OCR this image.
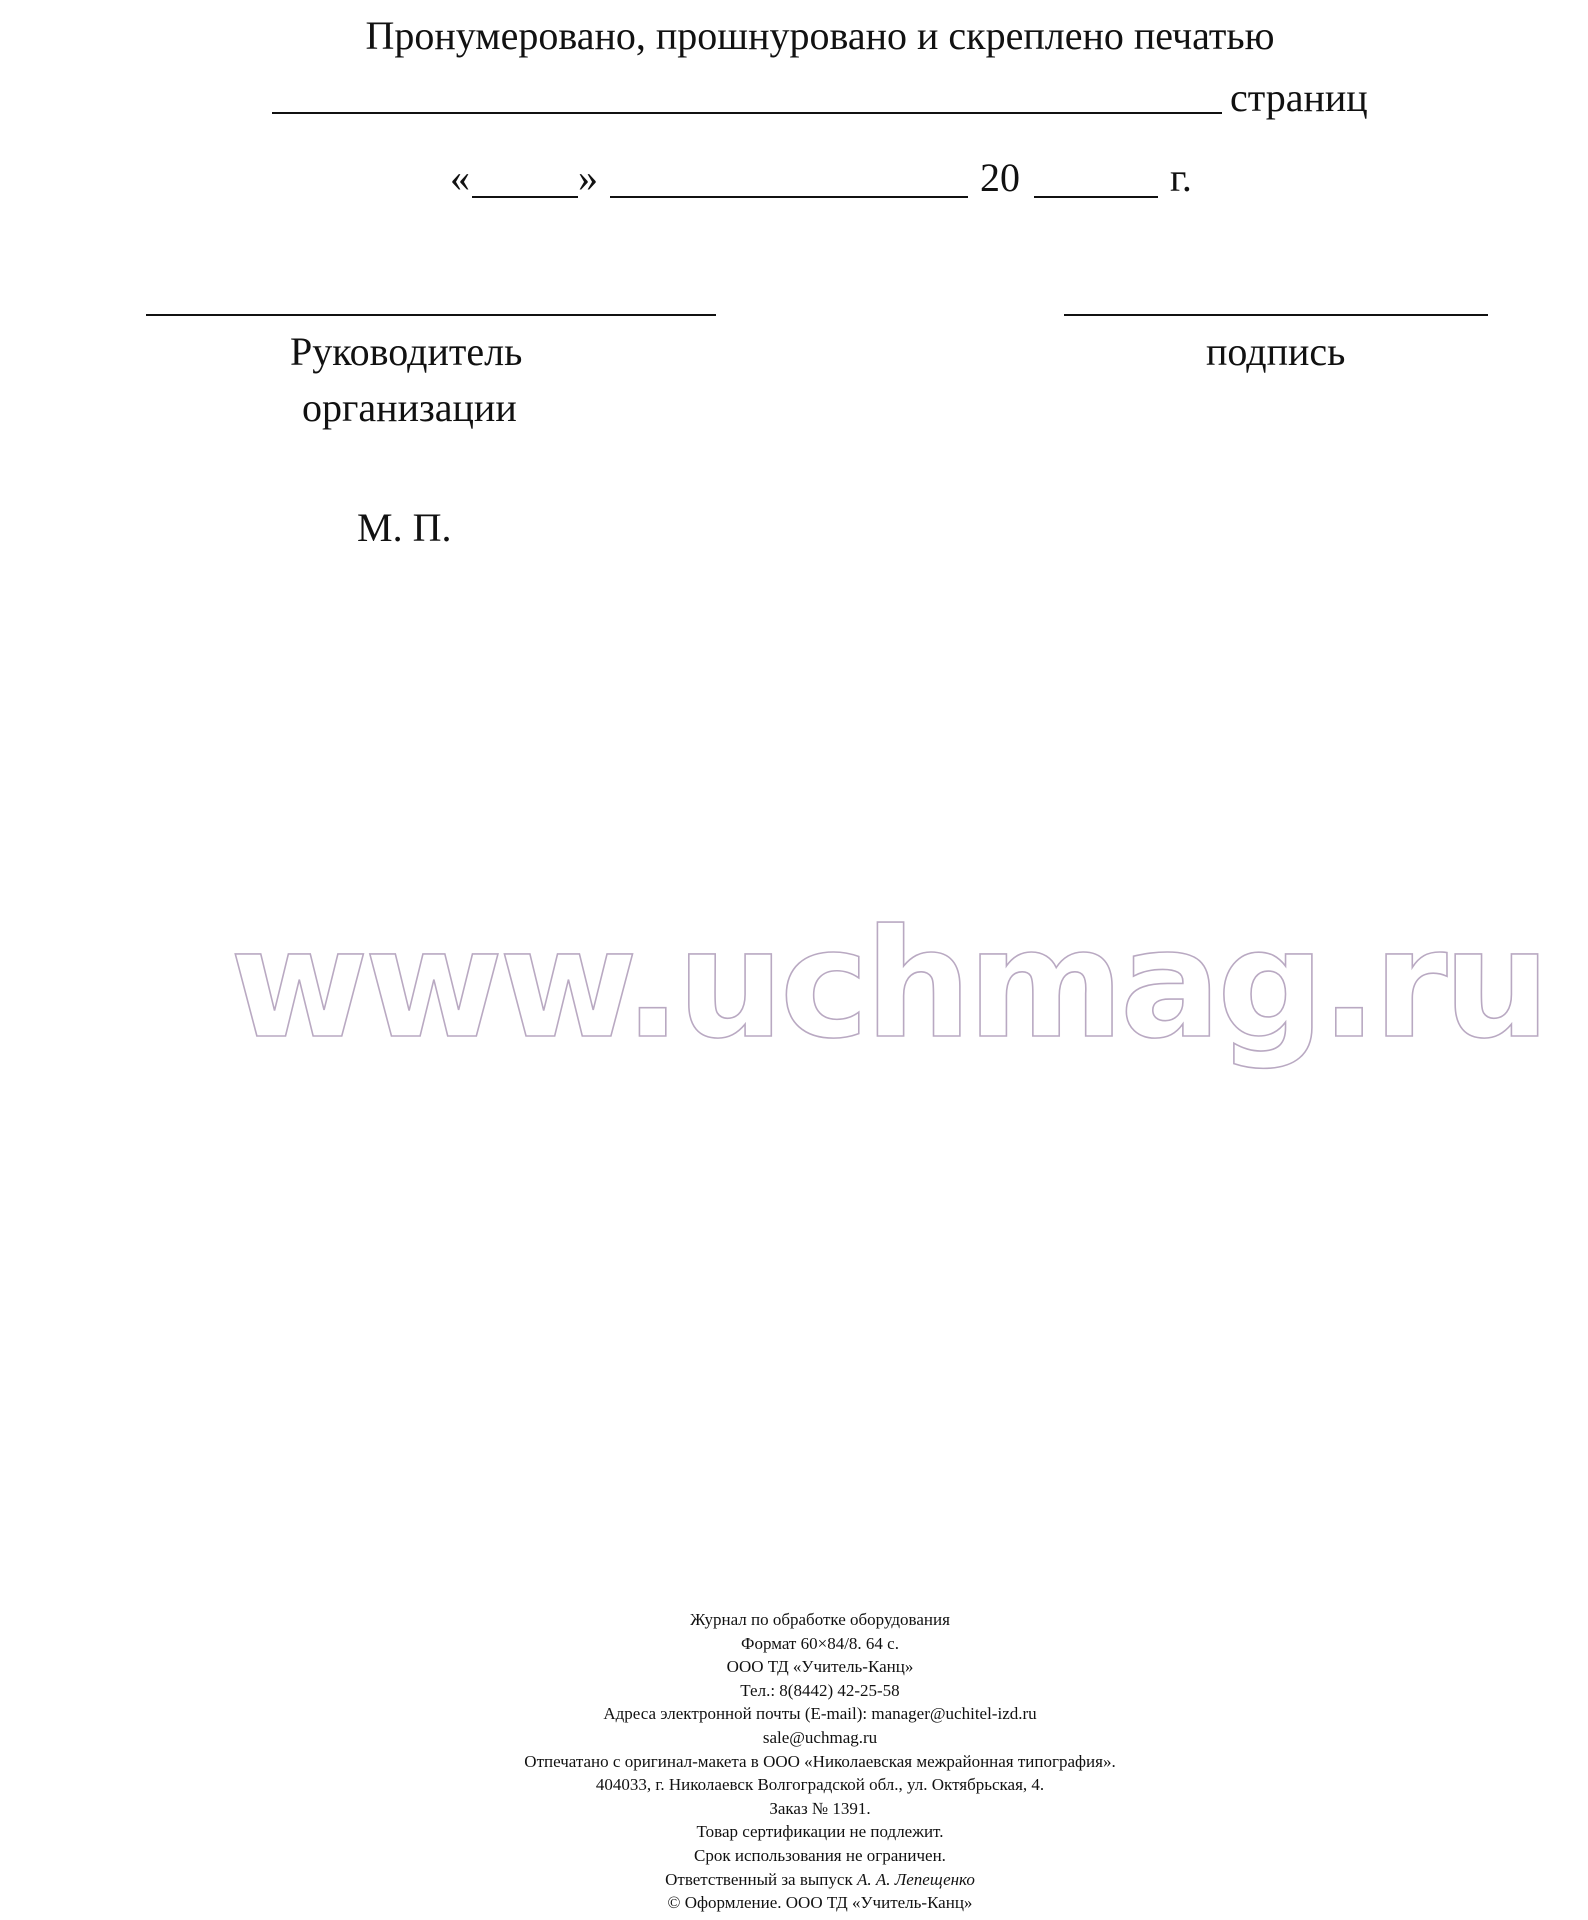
Пронумеровано, прошнуровано и скреплено печатью
страниц
«	»	20	г.
Руководитель
организации
подпись
М. П.
www.uchmag.ru
Журнал по обработке оборудования
Формат 60×84/8. 64 с.
ООО ТД «Учитель-Канц»
Тел.: 8(8442) 42-25-58
Адреса электронной почты (E-mail): manager@uchitel-izd.ru
sale@uchmag.ru
Отпечатано с оригинал-макета в ООО «Николаевская межрайонная типография».
404033, г. Николаевск Волгоградской обл., ул. Октябрьская, 4.
Заказ № 1391.
Товар сертификации не подлежит.
Срок использования не ограничен.
Ответственный за выпуск А. А. Лепещенко
© Оформление. ООО ТД «Учитель-Канц»
